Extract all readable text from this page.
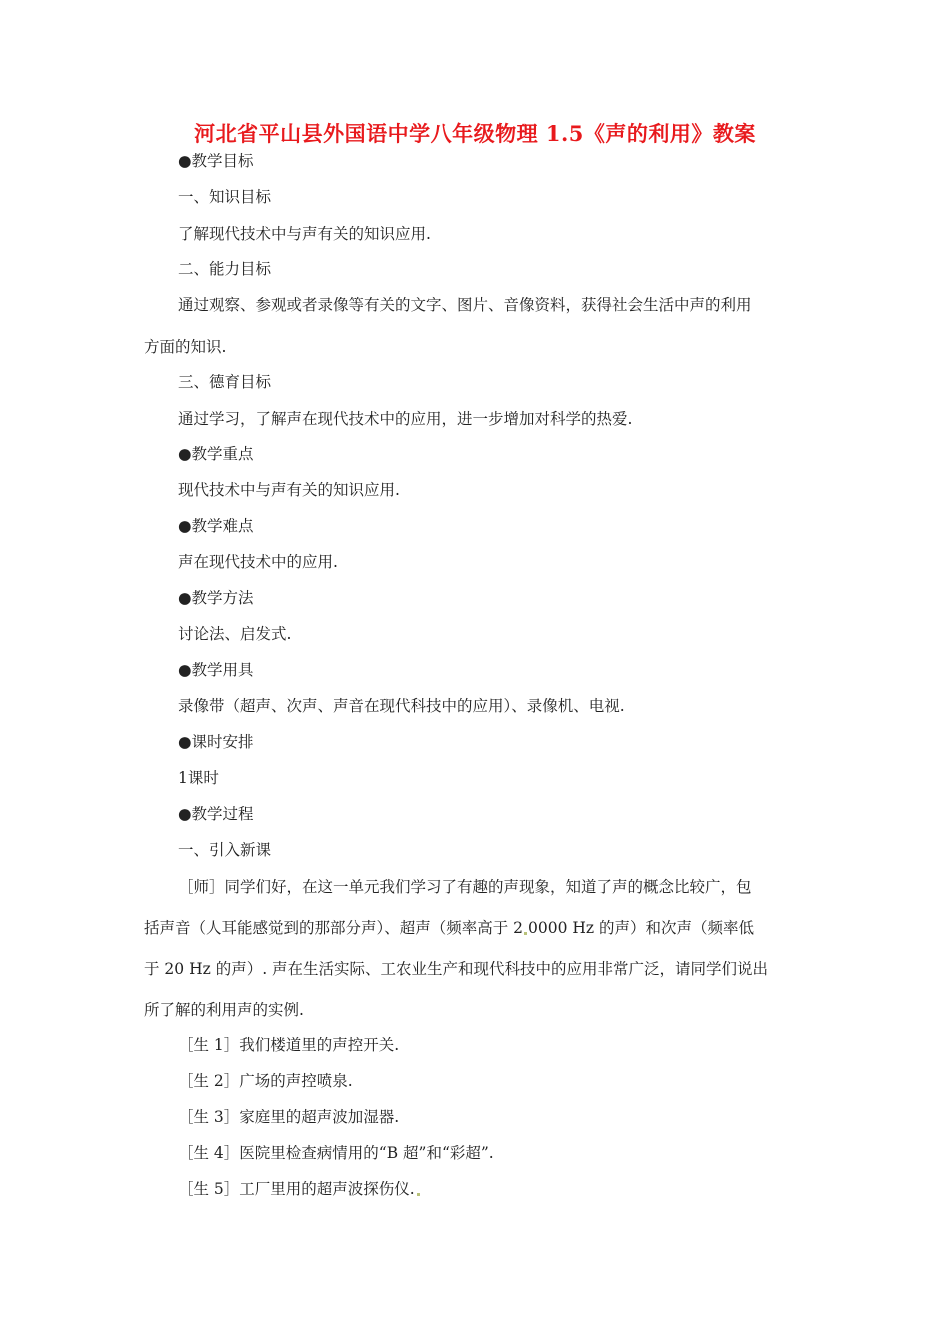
河北省平山县外国语中学八年级物理 1.5《声的利用》教案
●教学目标
一、知识目标
了解现代技术中与声有关的知识应用.
二、能力目标
通过观察、参观或者录像等有关的文字、图片、音像资料，获得社会生活中声的利用
方面的知识.
三、德育目标
通过学习，了解声在现代技术中的应用，进一步增加对科学的热爱.
●教学重点
现代技术中与声有关的知识应用.
●教学难点
声在现代技术中的应用.
●教学方法
讨论法、启发式.
●教学用具
录像带（超声、次声、声音在现代科技中的应用）、录像机、电视.
●课时安排
1课时
●教学过程
一、引入新课
［师］同学们好，在这一单元我们学习了有趣的声现象，知道了声的概念比较广，包
括声音（人耳能感觉到的那部分声）、超声（频率高于 2 0000 Hz 的声）和次声（频率低
于 20 Hz 的声）. 声在生活实际、工农业生产和现代科技中的应用非常广泛，请同学们说出
所了解的利用声的实例.
［生 1］我们楼道里的声控开关.
［生 2］广场的声控喷泉.
［生 3］家庭里的超声波加湿器.
［生 4］医院里检查病情用的“B 超”和“彩超”.
［生 5］工厂里用的超声波探伤仪.
